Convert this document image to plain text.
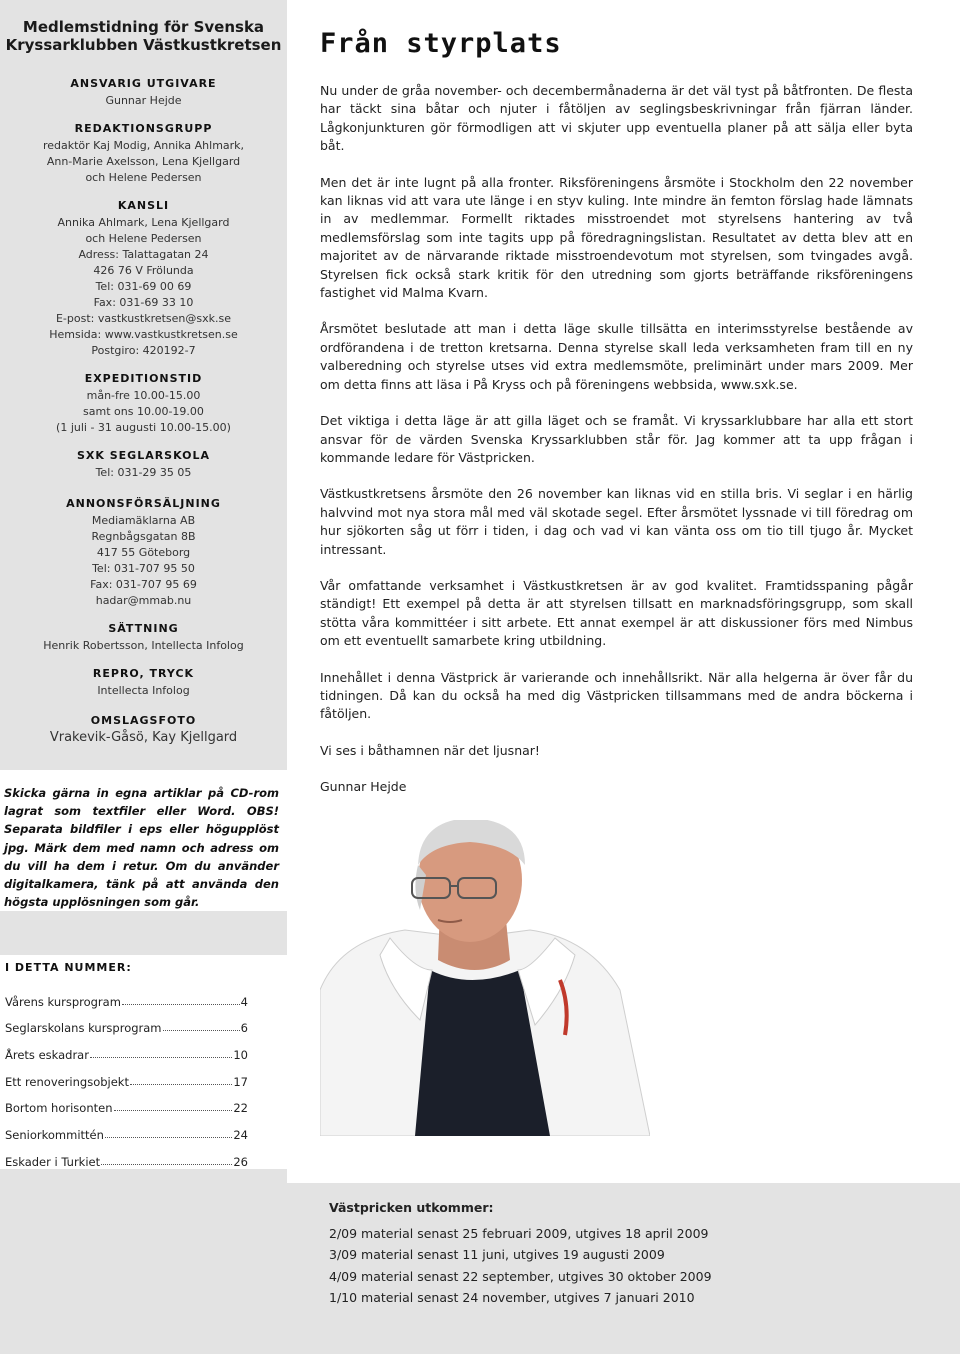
Medlemstidning för Svenska
Kryssarklubben Västkustkretsen
ANSVARIG UTGIVARE
Gunnar Hejde
REDAKTIONSGRUPP
redaktör Kaj Modig, Annika Ahlmark,
Ann-Marie Axelsson, Lena Kjellgard
och Helene Pedersen
KANSLI
Annika Ahlmark, Lena Kjellgard
och Helene Pedersen
Adress: Talattagatan 24
426 76 V Frölunda
Tel: 031-69 00 69
Fax: 031-69 33 10
E-post: vastkustkretsen@sxk.se
Hemsida: www.vastkustkretsen.se
Postgiro: 420192-7
EXPEDITIONSTID
mån-fre 10.00-15.00
samt ons 10.00-19.00
(1 juli - 31 augusti 10.00-15.00)
SXK SEGLARSKOLA
Tel: 031-29 35 05
ANNONSFÖRSÄLJNING
Mediamäklarna AB
Regnbågsgatan 8B
417 55 Göteborg
Tel: 031-707 95 50
Fax: 031-707 95 69
hadar@mmab.nu
SÄTTNING
Henrik Robertsson, Intellecta Infolog
REPRO, TRYCK
Intellecta Infolog
OMSLAGSFOTO
Vrakevik-Gåsö, Kay Kjellgard

Skicka gärna in egna artiklar på CD-rom lagrat som textfiler eller Word. OBS! Separata bildfiler i eps eller högupplöst jpg. Märk dem med namn och adress om du vill ha dem i retur. Om du använder digitalkamera, tänk på att använda den högsta upplösningen som går.

I DETTA NUMMER:
Vårens kursprogram	4
Seglarskolans kursprogram	6
Årets eskadrar	10
Ett renoveringsobjekt	17
Bortom horisonten	22
Seniorkommittén	24
Eskader i Turkiet	26
Från styrplats

Nu under de gråa november- och decembermånaderna är det väl tyst på båtfronten. De flesta har täckt sina båtar och njuter i fåtöljen av seglingsbeskrivningar från fjärran länder. Lågkonjunkturen gör förmodligen att vi skjuter upp eventuella planer på att sälja eller byta båt.

Men det är inte lugnt på alla fronter. Riksföreningens årsmöte i Stockholm den 22 november kan liknas vid att vara ute länge i en styv kuling. Inte mindre än femton förslag hade lämnats in av medlemmar. Formellt riktades misstroendet mot styrelsens hantering av två medlemsförslag som inte tagits upp på föredragningslistan. Resultatet av detta blev att en majoritet av de närvarande riktade misstroendevotum mot styrelsen, som tvingades avgå. Styrelsen fick också stark kritik för den utredning som gjorts beträffande riksföreningens fastighet vid Malma Kvarn.

Årsmötet beslutade att man i detta läge skulle tillsätta en interimsstyrelse bestående av ordförandena i de tretton kretsarna. Denna styrelse skall leda verksamheten fram till en ny valberedning och styrelse utses vid extra medlemsmöte, preliminärt under mars 2009. Mer om detta finns att läsa i På Kryss och på föreningens webbsida, www.sxk.se.

Det viktiga i detta läge är att gilla läget och se framåt. Vi kryssarklubbare har alla ett stort ansvar för de värden Svenska Kryssarklubben står för. Jag kommer att ta upp frågan i kommande ledare för Västpricken.

Västkustkretsens årsmöte den 26 november kan liknas vid en stilla bris. Vi seglar i en härlig halvvind mot nya stora mål med väl skotade segel. Efter årsmötet lyssnade vi till föredrag om hur sjökorten såg ut förr i tiden, i dag och vad vi kan vänta oss om tio till tjugo år. Mycket intressant.

Vår omfattande verksamhet i Västkustkretsen är av god kvalitet. Framtidsspaning pågår ständigt! Ett exempel på detta är att styrelsen tillsatt en marknadsföringsgrupp, som skall stötta våra kommittéer i sitt arbete. Ett annat exempel är att diskussioner förs med Nimbus om ett eventuellt samarbete kring utbildning.

Innehållet i denna Västprick är varierande och innehållsrikt. När alla helgerna är över får du tidningen. Då kan du också ha med dig Västpricken tillsammans med de andra böckerna i fåtöljen.

Vi ses i båthamnen när det ljusnar!

Gunnar Hejde

Västpricken utkommer:
2/09 material senast 25 februari 2009, utgives 18 april 2009
3/09 material senast 11 juni, utgives 19 augusti 2009
4/09 material senast 22 september, utgives 30 oktober 2009
1/10 material senast 24 november, utgives 7 januari 2010
